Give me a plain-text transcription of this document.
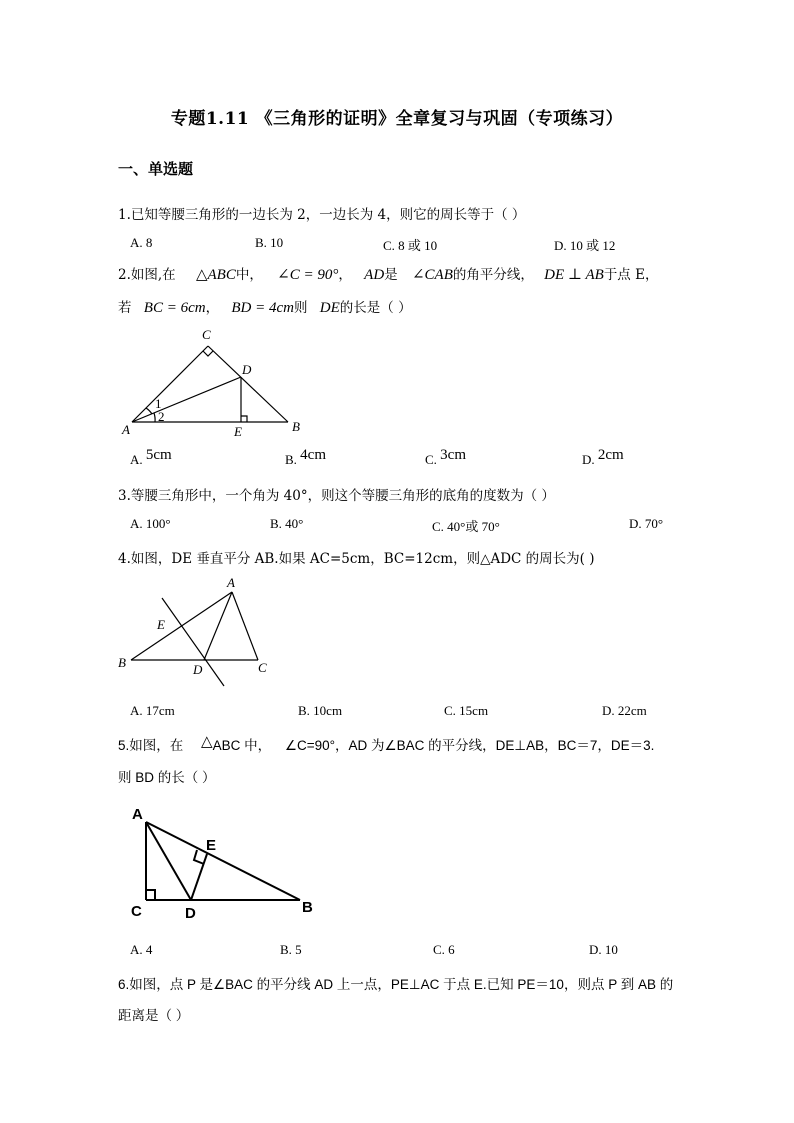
专题1.11 《三角形的证明》全章复习与巩固（专项练习）
一、单选题
1.已知等腰三角形的一边长为 2，一边长为 4，则它的周长等于（ ）
A. 8	B. 10	C. 8 或 10	D. 10 或 12
2.如图,在 △ABC中， ∠C = 90°， AD是 ∠CAB的角平分线， DE ⊥ AB于点 E，
若 BC = 6cm， BD = 4cm则 DE的长是（ ）
C
D
A	E	B
1
2
A. 5cm	B. 4cm	C. 3cm	D. 2cm
3.等腰三角形中，一个角为 40°，则这个等腰三角形的底角的度数为（ ）
A. 100°	B. 40°	C. 40°或 70°	D. 70°
4.如图，DE 垂直平分 AB.如果 AC=5cm，BC=12cm，则△ADC 的周长为( )
A
E
B	D	C
A. 17cm	B. 10cm	C. 15cm	D. 22cm
5.如图，在 △ABC 中， ∠C=90°，AD 为∠BAC 的平分线，DE⊥AB，BC＝7，DE＝3.
则 BD 的长（ ）
A
E
C	D	B
A. 4	B. 5	C. 6	D. 10
6.如图，点 P 是∠BAC 的平分线 AD 上一点，PE⊥AC 于点 E.已知 PE＝10，则点 P 到 AB 的
距离是（ ）
